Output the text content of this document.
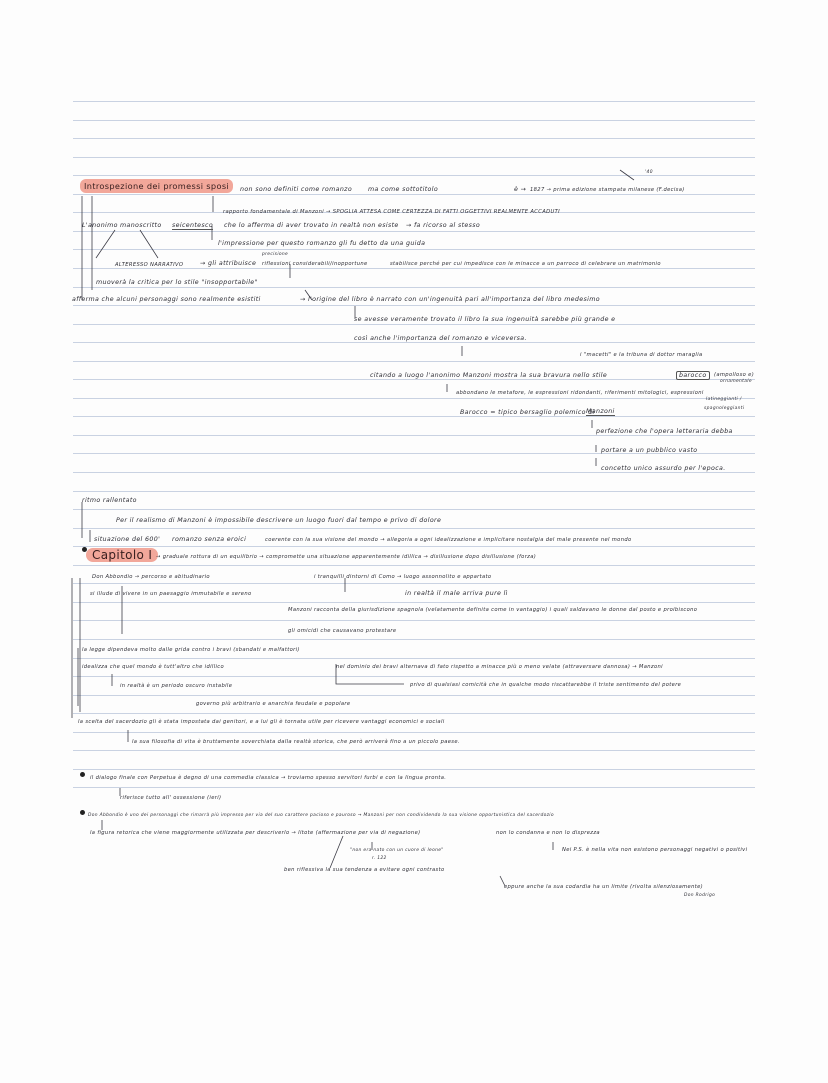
Introspezione dei promessi sposi	non sono definiti come romanzo	ma come sottotitolo	è → 1827 → prima edizione stampata milanese (F.decisa)
'40
rapporto fondamentale di Manzoni → SPOGLIA ATTESA COME CERTEZZA DI FATTI OGGETTIVI REALMENTE ACCADUTI
L'anonimo manoscritto seicentesco che lo afferma di aver trovato in realtà non esiste → fa ricorso al stesso
l'impressione per questo romanzo gli fu detto da una guida
ALTERESSO NARRATIVO	→ gli attribuisce
precisione
riflessioni considerabili/inopportune	stabilisce perché per cui impedisce con le minacce a un parroco di celebrare un matrimonio
muoverà la critica per lo stile "insopportabile"
afferma che alcuni personaggi sono realmente esistiti	→ l'origine del libro è narrato con un'ingenuità pari all'importanza del libro medesimo
se avesse veramente trovato il libro la sua ingenuità sarebbe più grande e
così anche l'importanza del romanzo e viceversa.
i "macetti" e la tribuna di dottor maraglia
citando a luogo l'anonimo Manzoni mostra la sua bravura nello stile	barocco	(ampolloso e)
ornamentale
abbondano le metafore, le espressioni ridondanti, riferimenti mitologici, espressioni
latineggianti /
spagnoleggianti
Barocco = tipico bersaglio polemico di
Manzoni
perfezione che l'opera letteraria debba
portare a un pubblico vasto
concetto unico assurdo per l'epoca.
ritmo rallentato
Per il realismo di Manzoni è impossibile descrivere un luogo fuori dal tempo e privo di dolore
situazione del 600' romanzo senza eroici	coerente con la sua visione del mondo → allegoria a ogni idealizzazione e implicitare nostalgia del male presente nel mondo
Capitolo I → graduale rottura di un equilibrio → compromette una situazione apparentemente idillica → disillusione dopo disillusione (forza)
Don Abbondio → percorso e abitudinario	i tranquilli dintorni di Como → luogo assonnolito e appartato
si illude di vivere in un paesaggio immutabile e sereno	in realtà il male arriva pure lì
Manzoni racconta della giurisdizione spagnola (velatamente definita come in vantaggio) i quali saldavano le donne dal posto e proibiscono
gli omicidi che causavano protestare
la legge dipendeva molto dalle grida contro i bravi (sbandati e malfattori)
idealizza che quel mondo è tutt'altro che idillico	nel dominio dei bravi alternava di fato rispetto a minacce più o meno velate (attraversare dannosa) → Manzoni
in realtà è un periodo oscuro instabile	privo di qualsiasi comicità che in qualche modo riscattarebbe il triste sentimento del potere
governo più arbitrario e anarchia feudale e popolare
la scelta del sacerdozio gli è stata impostata dai genitori, e a lui gli è tornata utile per ricevere vantaggi economici e sociali
la sua filosofia di vita è bruttamente soverchiata dalla realtà storica, che però arriverà fino a un piccolo paese.
il dialogo finale con Perpetua è degno di una commedia classica → troviamo spesso servitori furbi e con la lingua pronta.
riferisce tutto all' ossessione (ieri)
Don Abbondio è uno dei personaggi che rimarrà più impresso per via del suo carattere pacioso e pauroso → Manzoni per non condividendo la sua visione opportunistica del sacerdozio
la figura retorica che viene maggiormente utilizzata per descriverlo → litote (affermazione per via di negazione)	non lo condanna e non lo disprezza
"non era nato con un cuore di leone"
r. 122
Nei P.S. è nella vita non esistono personaggi negativi o positivi
ben riflessiva la sua tendenza a evitare ogni contrasto
eppure anche la sua codardia ha un limite (rivolta silenziosamente)
Don Rodrigo
